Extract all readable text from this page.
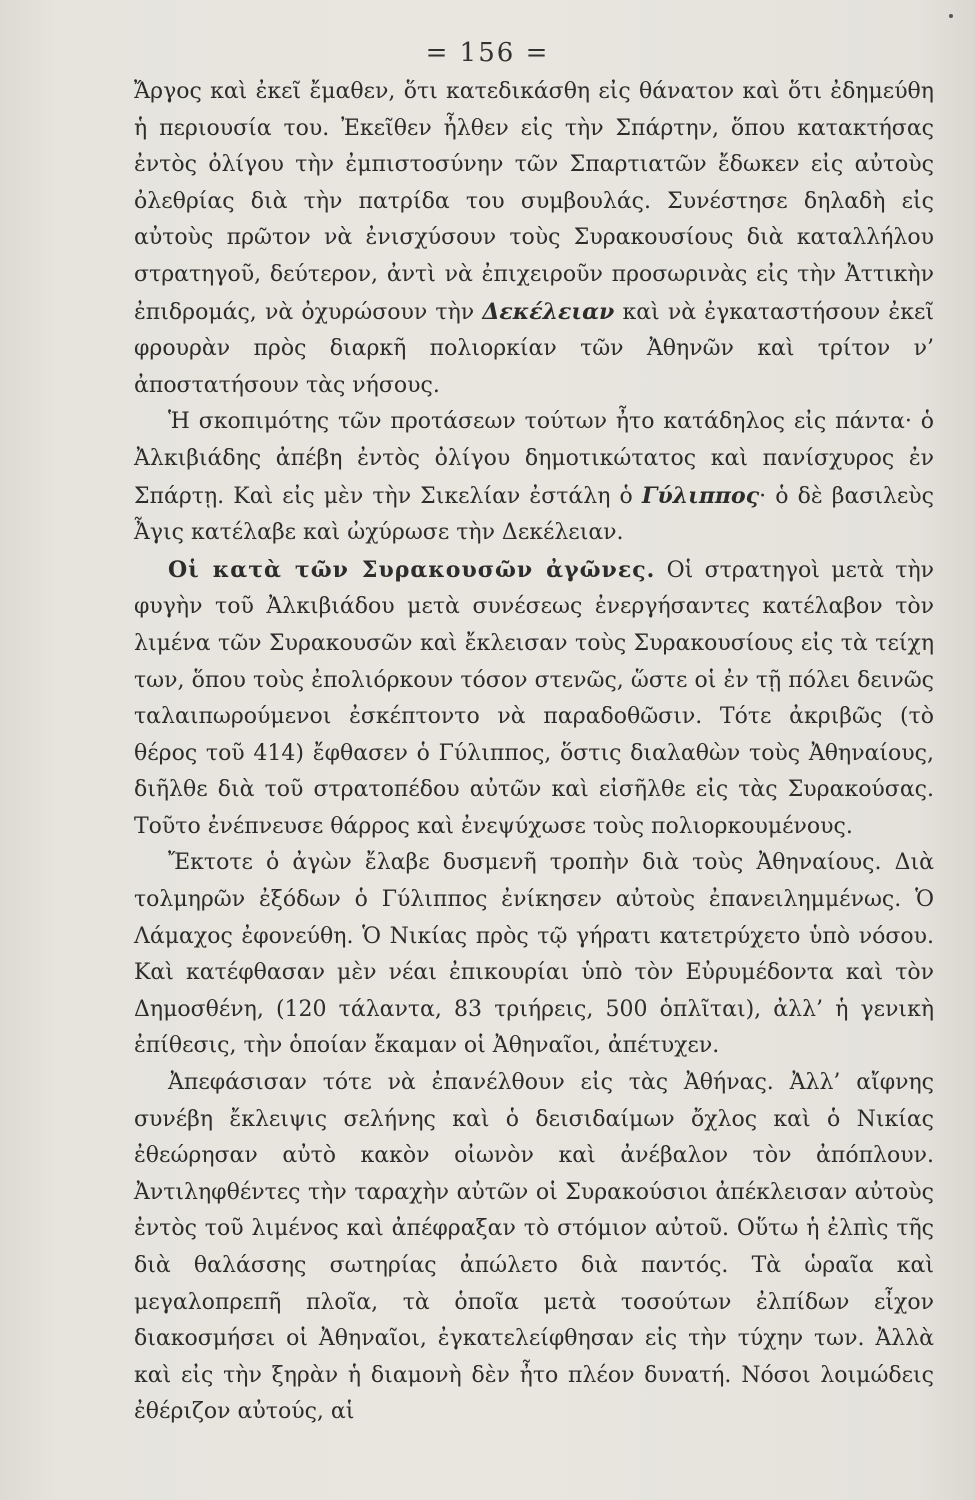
= 156 =

Ἄργος καὶ ἐκεῖ ἔμαθεν, ὅτι κατεδικάσθη εἰς θάνατον καὶ ὅτι ἐδημεύθη ἡ περιουσία του. Ἐκεῖθεν ἦλθεν εἰς τὴν Σπάρτην, ὅπου κατακτήσας ἐντὸς ὀλίγου τὴν ἐμπιστοσύνην τῶν Σπαρτιατῶν ἔδωκεν εἰς αὐτοὺς ὀλεθρίας διὰ τὴν πατρίδα του συμβουλάς. Συνέστησε δηλαδὴ εἰς αὐτοὺς πρῶτον νὰ ἐνισχύσουν τοὺς Συρακουσίους διὰ καταλλήλου στρατηγοῦ, δεύτερον, ἀντὶ νὰ ἐπιχειροῦν προσωρινὰς εἰς τὴν Ἀττικὴν ἐπιδρομάς, νὰ ὀχυρώσουν τὴν Δεκέλειαν καὶ νὰ ἐγκαταστήσουν ἐκεῖ φρουρὰν πρὸς διαρκῆ πολιορκίαν τῶν Ἀθηνῶν καὶ τρίτον ν’ ἀποστατήσουν τὰς νήσους.

Ἡ σκοπιμότης τῶν προτάσεων τούτων ἦτο κατάδηλος εἰς πάντα· ὁ Ἀλκιβιάδης ἀπέβη ἐντὸς ὀλίγου δημοτικώτατος καὶ πανίσχυρος ἐν Σπάρτῃ. Καὶ εἰς μὲν τὴν Σικελίαν ἐστάλη ὁ Γύλιππος· ὁ δὲ βασιλεὺς Ἆγις κατέλαβε καὶ ὠχύρωσε τὴν Δεκέλειαν.

Οἱ κατὰ τῶν Συρακουσῶν ἀγῶνες. Οἱ στρατηγοὶ μετὰ τὴν φυγὴν τοῦ Ἀλκιβιάδου μετὰ συνέσεως ἐνεργήσαντες κατέλαβον τὸν λιμένα τῶν Συρακουσῶν καὶ ἔκλεισαν τοὺς Συρακουσίους εἰς τὰ τείχη των, ὅπου τοὺς ἐπολιόρκουν τόσον στενῶς, ὥστε οἱ ἐν τῇ πόλει δεινῶς ταλαιπωρούμενοι ἐσκέπτοντο νὰ παραδοθῶσιν. Τότε ἀκριβῶς (τὸ θέρος τοῦ 414) ἔφθασεν ὁ Γύλιππος, ὅστις διαλαθὼν τοὺς Ἀθηναίους, διῆλθε διὰ τοῦ στρατοπέδου αὐτῶν καὶ εἰσῆλθε εἰς τὰς Συρακούσας. Τοῦτο ἐνέπνευσε θάρρος καὶ ἐνεψύχωσε τοὺς πολιορκουμένους.

Ἔκτοτε ὁ ἀγὼν ἔλαβε δυσμενῆ τροπὴν διὰ τοὺς Ἀθηναίους. Διὰ τολμηρῶν ἐξόδων ὁ Γύλιππος ἐνίκησεν αὐτοὺς ἐπανειλημμένως. Ὁ Λάμαχος ἐφονεύθη. Ὁ Νικίας πρὸς τῷ γήρατι κατετρύχετο ὑπὸ νόσου. Καὶ κατέφθασαν μὲν νέαι ἐπικουρίαι ὑπὸ τὸν Εὐρυμέδοντα καὶ τὸν Δημοσθένη, (120 τάλαντα, 83 τριήρεις, 500 ὁπλῖται), ἀλλ’ ἡ γενικὴ ἐπίθεσις, τὴν ὁποίαν ἔκαμαν οἱ Ἀθηναῖοι, ἀπέτυχεν.

Ἀπεφάσισαν τότε νὰ ἐπανέλθουν εἰς τὰς Ἀθήνας. Ἀλλ’ αἴφνης συνέβη ἔκλειψις σελήνης καὶ ὁ δεισιδαίμων ὄχλος καὶ ὁ Νικίας ἐθεώρησαν αὐτὸ κακὸν οἰωνὸν καὶ ἀνέβαλον τὸν ἀπόπλουν. Ἀντιληφθέντες τὴν ταραχὴν αὐτῶν οἱ Συρακούσιοι ἀπέκλεισαν αὐτοὺς ἐντὸς τοῦ λιμένος καὶ ἀπέφραξαν τὸ στόμιον αὐτοῦ. Οὕτω ἡ ἐλπὶς τῆς διὰ θαλάσσης σωτηρίας ἀπώλετο διὰ παντός. Τὰ ὡραῖα καὶ μεγαλοπρεπῆ πλοῖα, τὰ ὁποῖα μετὰ τοσούτων ἐλπίδων εἶχον διακοσμήσει οἱ Ἀθηναῖοι, ἐγκατελείφθησαν εἰς τὴν τύχην των. Ἀλλὰ καὶ εἰς τὴν ξηρὰν ἡ διαμονὴ δὲν ἦτο πλέον δυνατή. Νόσοι λοιμώδεις ἐθέριζον αὐτούς, αἱ
